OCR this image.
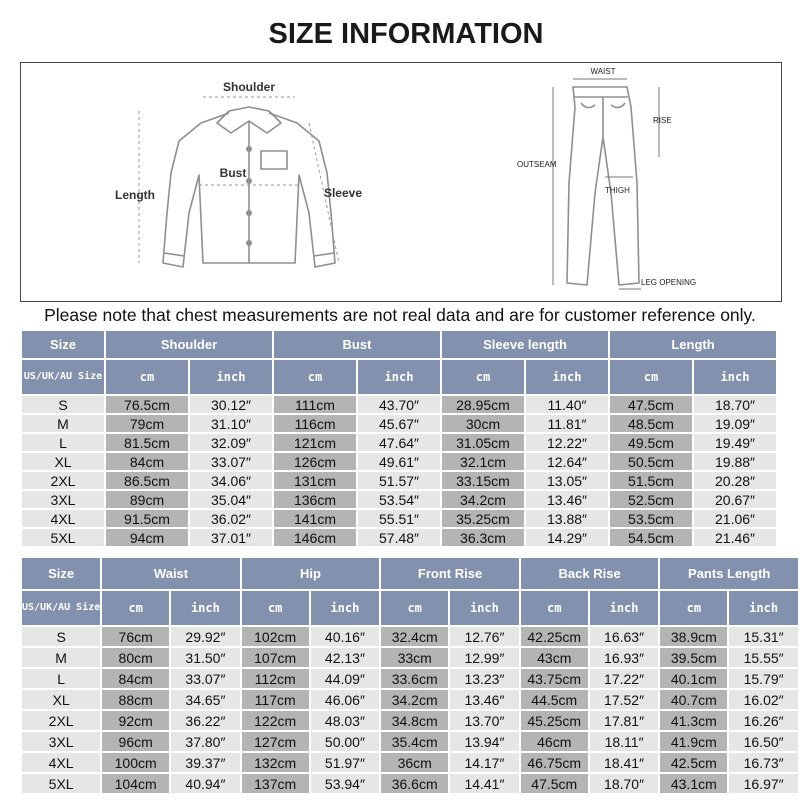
SIZE INFORMATION
Shoulder
Bust
Length	Sleeve
WAIST
RISE
OUTSEAM
THIGH
LEG OPENING
Please note that chest measurements are not real data and are for customer reference only.
Size	Shoulder		Bust		Sleeve length		Length	
US/UK/AU Size	cm	inch	cm	inch	cm	inch	cm	inch
S	76.5cm	30.12″	111cm	43.70″	28.95cm	11.40″	47.5cm	18.70″
M	79cm	31.10″	116cm	45.67″	30cm	11.81″	48.5cm	19.09″
L	81.5cm	32.09″	121cm	47.64″	31.05cm	12.22″	49.5cm	19.49″
XL	84cm	33.07″	126cm	49.61″	32.1cm	12.64″	50.5cm	19.88″
2XL	86.5cm	34.06″	131cm	51.57″	33.15cm	13.05″	51.5cm	20.28″
3XL	89cm	35.04″	136cm	53.54″	34.2cm	13.46″	52.5cm	20.67″
4XL	91.5cm	36.02″	141cm	55.51″	35.25cm	13.88″	53.5cm	21.06″
5XL	94cm	37.01″	146cm	57.48″	36.3cm	14.29″	54.5cm	21.46″
Size	Waist		Hip		Front Rise		Back Rise		Pants Length	
US/UK/AU Size	cm	inch	cm	inch	cm	inch	cm	inch	cm	inch
S	76cm	29.92″	102cm	40.16″	32.4cm	12.76″	42.25cm	16.63″	38.9cm	15.31″
M	80cm	31.50″	107cm	42.13″	33cm	12.99″	43cm	16.93″	39.5cm	15.55″
L	84cm	33.07″	112cm	44.09″	33.6cm	13.23″	43.75cm	17.22″	40.1cm	15.79″
XL	88cm	34.65″	117cm	46.06″	34.2cm	13.46″	44.5cm	17.52″	40.7cm	16.02″
2XL	92cm	36.22″	122cm	48.03″	34.8cm	13.70″	45.25cm	17.81″	41.3cm	16.26″
3XL	96cm	37.80″	127cm	50.00″	35.4cm	13.94″	46cm	18.11″	41.9cm	16.50″
4XL	100cm	39.37″	132cm	51.97″	36cm	14.17″	46.75cm	18.41″	42.5cm	16.73″
5XL	104cm	40.94″	137cm	53.94″	36.6cm	14.41″	47.5cm	18.70″	43.1cm	16.97″
